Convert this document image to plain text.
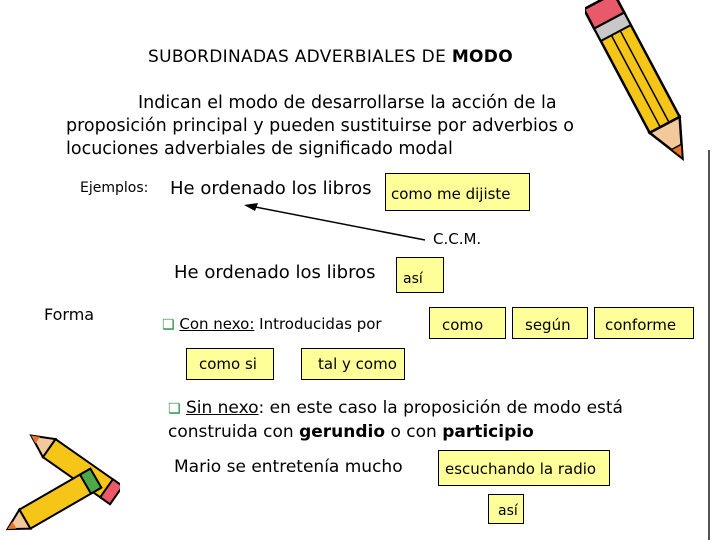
SUBORDINADAS ADVERBIALES DE MODO
Indican el modo de desarrollarse la acción de la
proposición principal y pueden sustituirse por adverbios o
locuciones adverbiales de significado modal
Ejemplos: He ordenado los libros	como me dijiste
C.C.M.
He ordenado los libros	así
Forma
❏ Con nexo: Introducidas por	como	según	conforme
como si	tal y como
❏ Sin nexo: en este caso la proposición de modo está
construida con gerundio o con participio
Mario se entretenía mucho	escuchando la radio
así
